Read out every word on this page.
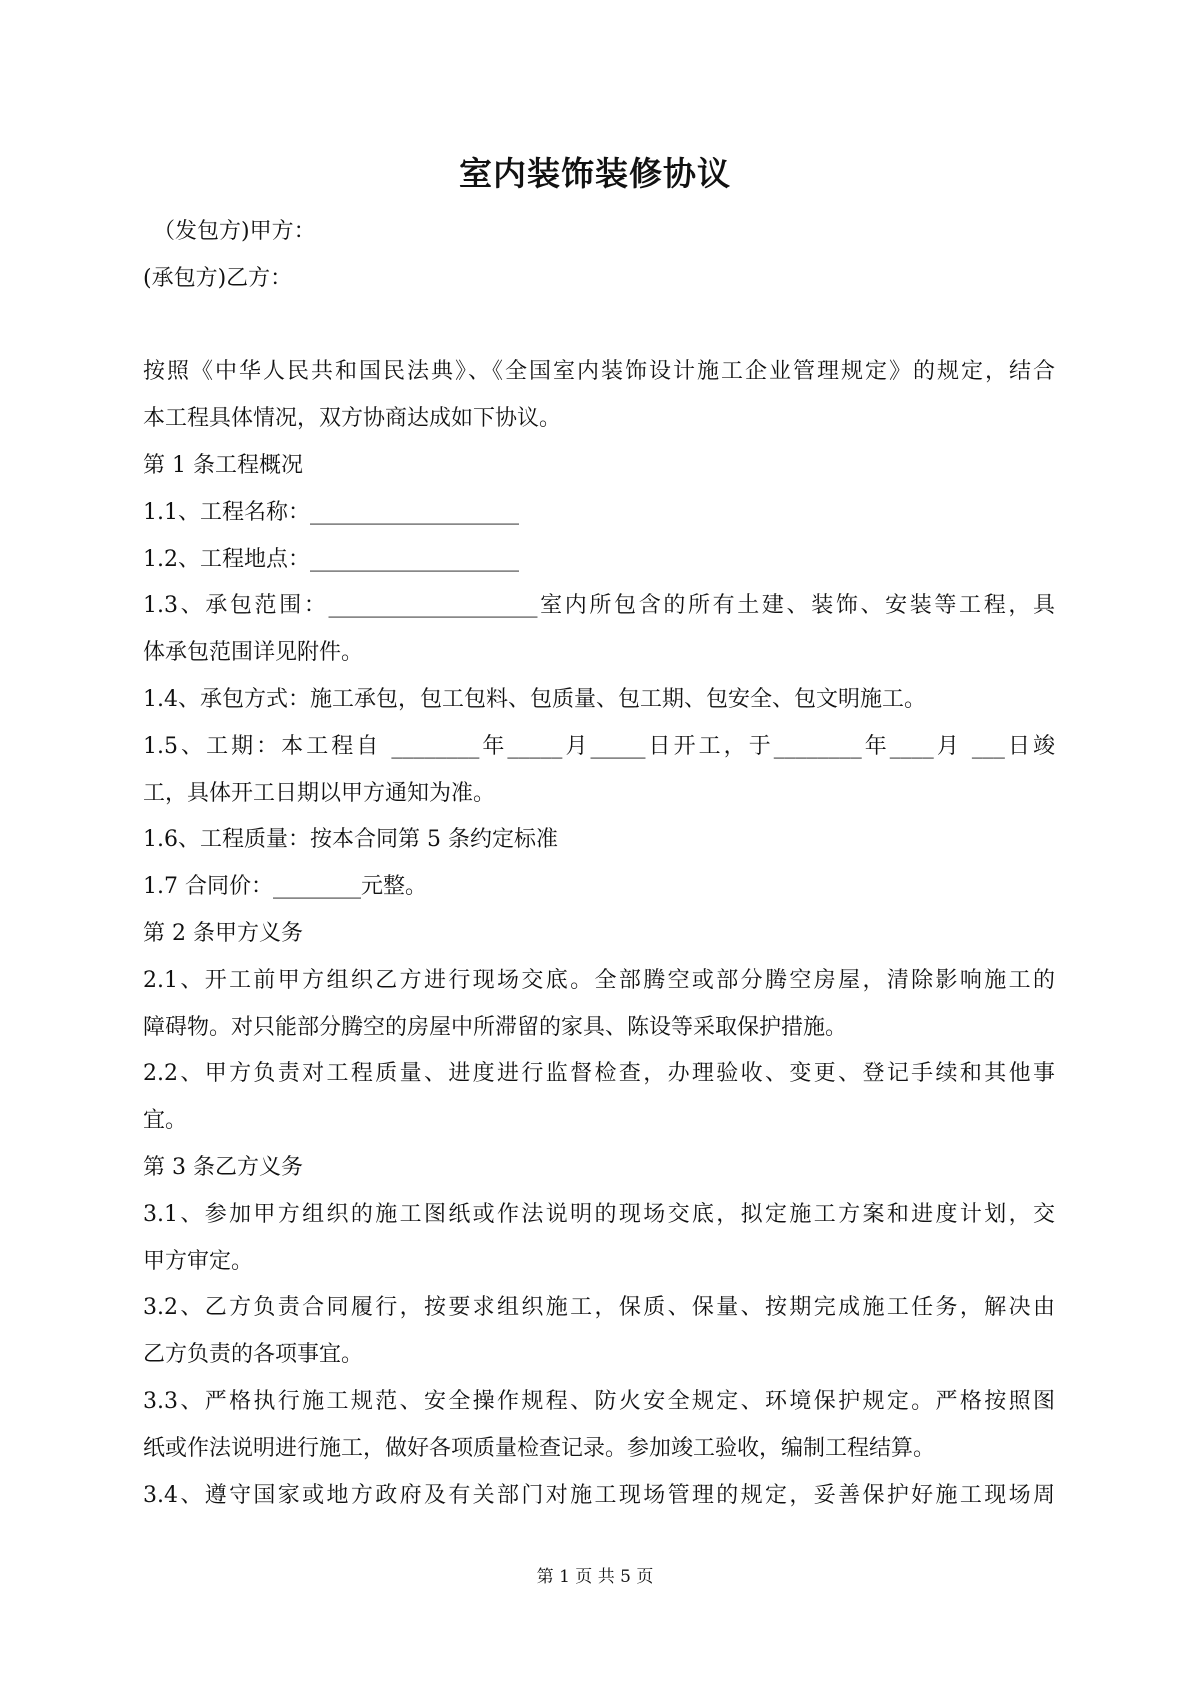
室内装饰装修协议
（发包方)甲方：
(承包方)乙方：
按照《中华人民共和国民法典》、《全国室内装饰设计施工企业管理规定》的规定，结合
本工程具体情况，双方协商达成如下协议。
第 1 条工程概况
1.1、工程名称：___________________
1.2、工程地点：___________________
1.3、承包范围：___________________室内所包含的所有土建、装饰、安装等工程，具
体承包范围详见附件。
1.4、承包方式：施工承包，包工包料、包质量、包工期、包安全、包文明施工。
1.5、工期：本工程自 ________年_____月_____日开工，于________年____月 ___日竣
工，具体开工日期以甲方通知为准。
1.6、工程质量：按本合同第 5 条约定标准
1.7 合同价：________元整。
第 2 条甲方义务
2.1、开工前甲方组织乙方进行现场交底。全部腾空或部分腾空房屋，清除影响施工的
障碍物。对只能部分腾空的房屋中所滞留的家具、陈设等采取保护措施。
2.2、甲方负责对工程质量、进度进行监督检查，办理验收、变更、登记手续和其他事
宜。
第 3 条乙方义务
3.1、参加甲方组织的施工图纸或作法说明的现场交底，拟定施工方案和进度计划，交
甲方审定。
3.2、乙方负责合同履行，按要求组织施工，保质、保量、按期完成施工任务，解决由
乙方负责的各项事宜。
3.3、严格执行施工规范、安全操作规程、防火安全规定、环境保护规定。严格按照图
纸或作法说明进行施工，做好各项质量检查记录。参加竣工验收，编制工程结算。
3.4、遵守国家或地方政府及有关部门对施工现场管理的规定，妥善保护好施工现场周
第 1 页 共 5 页
